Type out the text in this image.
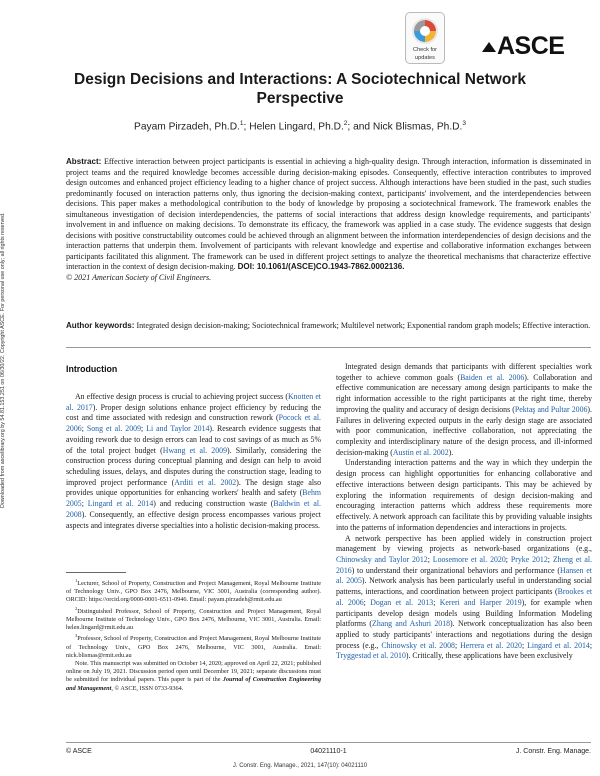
Downloaded from ascelibrary.org by 54.81.153.251 on 06/30/22. Copyright ASCE. For personal use only; all rights reserved.
Check for
updates	ASCE
Design Decisions and Interactions: A Sociotechnical Network Perspective
Payam Pirzadeh, Ph.D.$^1$; Helen Lingard, Ph.D.$^2$; and Nick Blismas, Ph.D.$^3$
Abstract: Effective interaction between project participants is essential in achieving a high-quality design. Through interaction, information is disseminated in project teams and the required knowledge becomes accessible during decision-making episodes. Consequently, effective interaction contributes to improved design outcomes and enhanced project efficiency leading to a higher chance of project success. Although interactions have been studied in the past, such studies predominantly focused on interaction patterns only, thus ignoring the decision-making context, participants' involvement, and the interdependencies between decisions. This paper makes a methodological contribution to the body of knowledge by proposing a sociotechnical framework. The framework enables the simultaneous investigation of decision interdependencies, the patterns of social interactions that address design knowledge requirements, and participants' involvement in and influence on making decisions. To demonstrate its efficacy, the framework was applied in a case study. The evidence suggests that design decisions with positive constructability outcomes could be achieved through an alignment between the information interdependencies of design decisions and the interaction patterns that underpin them. Involvement of participants with relevant knowledge and expertise and collaborative information exchanges between participants facilitated this alignment. The framework can be used in different project settings to analyze the theoretical mechanisms that characterize effective interaction in the context of design decision-making. DOI: 10.1061/(ASCE)CO.1943-7862.0002136.
© 2021 American Society of Civil Engineers.
Author keywords: Integrated design decision-making; Sociotechnical framework; Multilevel network; Exponential random graph models; Effective interaction.
Introduction

An effective design process is crucial to achieving project success (Knotten et al. 2017). Proper design solutions enhance project efficiency by reducing the cost and time associated with redesign and construction rework (Pocock et al. 2006; Song et al. 2009; Li and Taylor 2014). Research evidence suggests that avoiding rework due to design errors can lead to cost savings of as much as 5% of the total project budget (Hwang et al. 2009). Similarly, considering the construction process during conceptual planning and design can help to avoid scheduling issues, delays, and disputes during the construction stage, leading to improved project performance (Arditi et al. 2002). The design stage also provides unique opportunities for enhancing workers' health and safety (Behm 2005; Lingard et al. 2014) and reducing construction waste (Baldwin et al. 2008). Consequently, an effective design process encompasses various project aspects and integrates diverse specialties into a holistic decision-making process.

$^1$Lecturer, School of Property, Construction and Project Management, Royal Melbourne Institute of Technology Univ., GPO Box 2476, Melbourne, VIC 3001, Australia (corresponding author). ORCID: https://orcid.org/0000-0001-6511-0946. Email: payam.pirzadeh@rmit.edu.au

$^2$Distinguished Professor, School of Property, Construction and Project Management, Royal Melbourne Institute of Technology Univ., GPO Box 2476, Melbourne, VIC 3001, Australia. Email: helen.lingard@rmit.edu.au

$^3$Professor, School of Property, Construction and Project Management, Royal Melbourne Institute of Technology Univ., GPO Box 2476, Melbourne, VIC 3001, Australia. Email: nick.blismas@rmit.edu.au

Note. This manuscript was submitted on October 14, 2020; approved on April 22, 2021; published online on July 19, 2021. Discussion period open until December 19, 2021; separate discussions must be submitted for individual papers. This paper is part of the Journal of Construction Engineering and Management, © ASCE, ISSN 0733-9364.

Integrated design demands that participants with different specialties work together to achieve common goals (Baiden et al. 2006). Collaboration and effective communication are necessary among design participants to make the right information accessible to the right participants at the right time, thereby improving the quality and accuracy of design decisions (Pektaş and Pultar 2006). Failures in delivering expected outputs in the early design stage are associated with poor communication, ineffective collaboration, not appreciating the complexity and interdisciplinary nature of the design process, and ill-informed decision-making (Austin et al. 2002).

Understanding interaction patterns and the way in which they underpin the design process can highlight opportunities for enhancing collaborative and effective interactions between design participants. This may be achieved by exploring the information requirements of design decision-making and encouraging interaction patterns which address these requirements more effectively. A network approach can facilitate this by providing valuable insights into the patterns of information dependencies and interactions in projects.

A network perspective has been applied widely in construction project management by viewing projects as network-based organizations (e.g., Chinowsky and Taylor 2012; Loosemore et al. 2020; Pryke 2012; Zheng et al. 2016) to understand their organizational behaviors and performance (Hansen et al. 2005). Network analysis has been particularly useful in understanding social patterns, interactions, and coordination between project participants (Brookes et al. 2006; Dogan et al. 2013; Kereri and Harper 2019), for example when participants develop design models using Building Information Modeling platforms (Zhang and Ashuri 2018). Network conceptualization has also been applied to study participants' interactions and negotiations during the design process (e.g., Chinowsky et al. 2008; Herrera et al. 2020; Lingard et al. 2014; Tryggestad et al. 2010). Critically, these applications have been exclusively

© ASCE	04021110-1	J. Constr. Eng. Manage.
J. Constr. Eng. Manage., 2021, 147(10): 04021110
